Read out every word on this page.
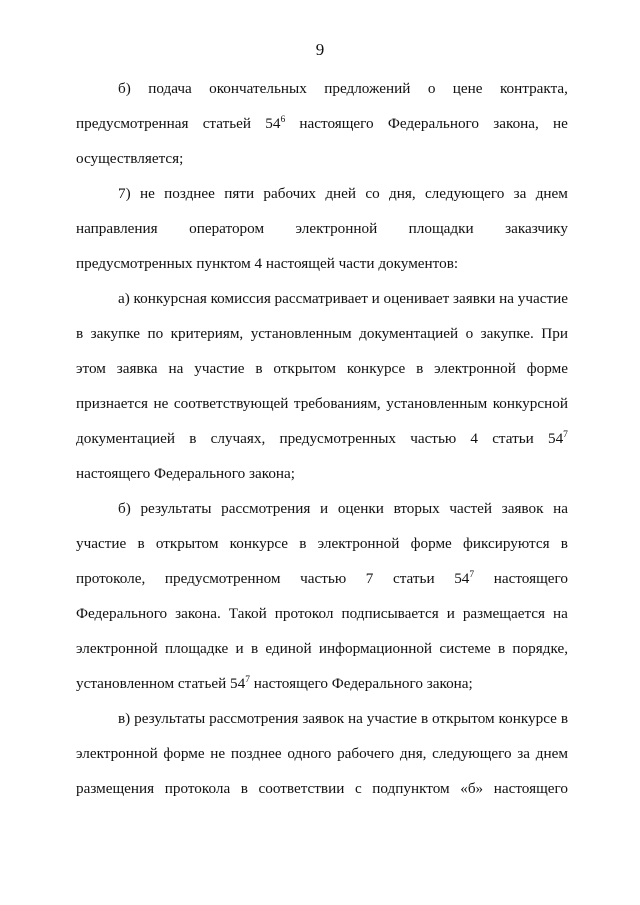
9
б) подача окончательных предложений о цене контракта,
предусмотренная статьей $54^6$ настоящего Федерального закона, не
осуществляется;
7) не позднее пяти рабочих дней со дня, следующего за днем
направления оператором электронной площадки заказчику
предусмотренных пунктом 4 настоящей части документов:
а) конкурсная комиссия рассматривает и оценивает заявки на участие
в закупке по критериям, установленным документацией о закупке. При
этом заявка на участие в открытом конкурсе в электронной форме
признается не соответствующей требованиям, установленным конкурсной
документацией в случаях, предусмотренных частью 4 статьи $54^7$
настоящего Федерального закона;
б) результаты рассмотрения и оценки вторых частей заявок на
участие в открытом конкурсе в электронной форме фиксируются в
протоколе, предусмотренном частью 7 статьи $54^7$ настоящего
Федерального закона. Такой протокол подписывается и размещается на
электронной площадке и в единой информационной системе в порядке,
установленном статьей $54^7$ настоящего Федерального закона;
в) результаты рассмотрения заявок на участие в открытом конкурсе в
электронной форме не позднее одного рабочего дня, следующего за днем
размещения протокола в соответствии с подпунктом «б» настоящего
